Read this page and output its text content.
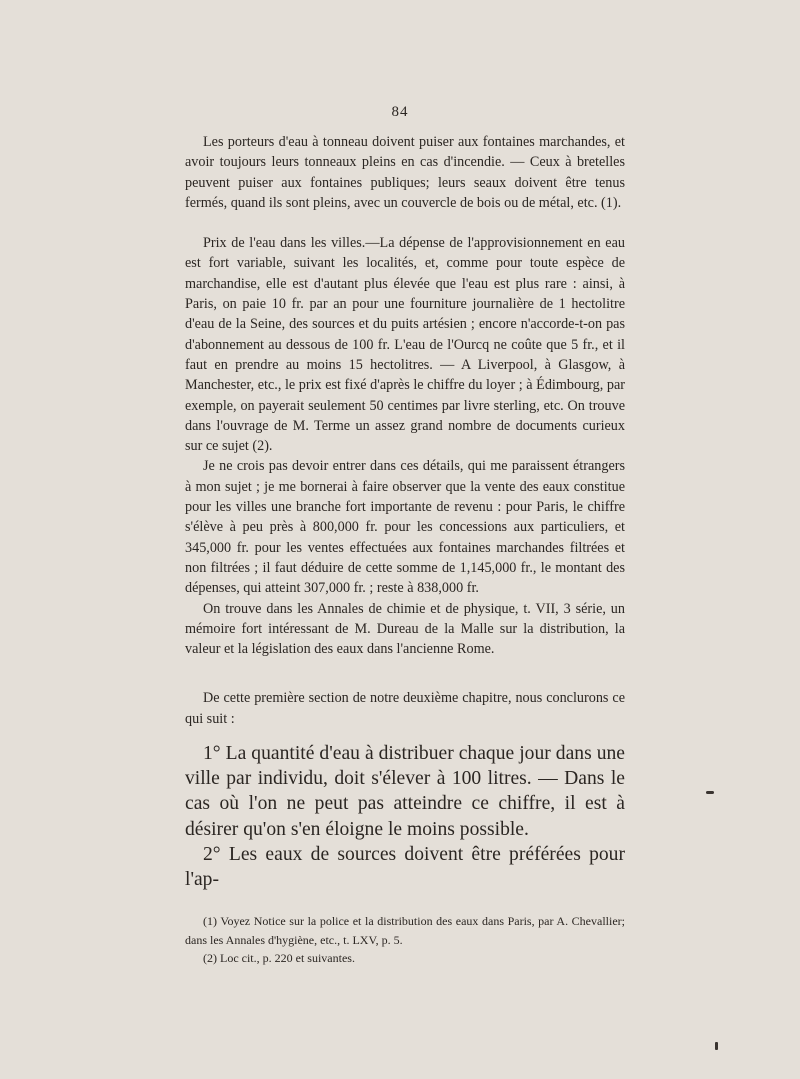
84

Les porteurs d'eau à tonneau doivent puiser aux fontaines marchandes, et avoir toujours leurs tonneaux pleins en cas d'incendie. — Ceux à bretelles peuvent puiser aux fontaines publiques; leurs seaux doivent être tenus fermés, quand ils sont pleins, avec un couvercle de bois ou de métal, etc. (1).

Prix de l'eau dans les villes.—La dépense de l'approvisionnement en eau est fort variable, suivant les localités, et, comme pour toute espèce de marchandise, elle est d'autant plus élevée que l'eau est plus rare : ainsi, à Paris, on paie 10 fr. par an pour une fourniture journalière de 1 hectolitre d'eau de la Seine, des sources et du puits artésien ; encore n'accorde-t-on pas d'abonnement au dessous de 100 fr. L'eau de l'Ourcq ne coûte que 5 fr., et il faut en prendre au moins 15 hectolitres. — A Liverpool, à Glasgow, à Manchester, etc., le prix est fixé d'après le chiffre du loyer ; à Édimbourg, par exemple, on payerait seulement 50 centimes par livre sterling, etc. On trouve dans l'ouvrage de M. Terme un assez grand nombre de documents curieux sur ce sujet (2).

Je ne crois pas devoir entrer dans ces détails, qui me paraissent étrangers à mon sujet ; je me bornerai à faire observer que la vente des eaux constitue pour les villes une branche fort importante de revenu : pour Paris, le chiffre s'élève à peu près à 800,000 fr. pour les concessions aux particuliers, et 345,000 fr. pour les ventes effectuées aux fontaines marchandes filtrées et non filtrées ; il faut déduire de cette somme de 1,145,000 fr., le montant des dépenses, qui atteint 307,000 fr. ; reste à 838,000 fr.

On trouve dans les Annales de chimie et de physique, t. VII, 3 série, un mémoire fort intéressant de M. Dureau de la Malle sur la distribution, la valeur et la législation des eaux dans l'ancienne Rome.

De cette première section de notre deuxième chapitre, nous conclurons ce qui suit :

1° La quantité d'eau à distribuer chaque jour dans une ville par individu, doit s'élever à 100 litres. — Dans le cas où l'on ne peut pas atteindre ce chiffre, il est à désirer qu'on s'en éloigne le moins possible.

2° Les eaux de sources doivent être préférées pour l'ap-

(1) Voyez Notice sur la police et la distribution des eaux dans Paris, par A. Chevallier; dans les Annales d'hygiène, etc., t. LXV, p. 5.

(2) Loc cit., p. 220 et suivantes.
